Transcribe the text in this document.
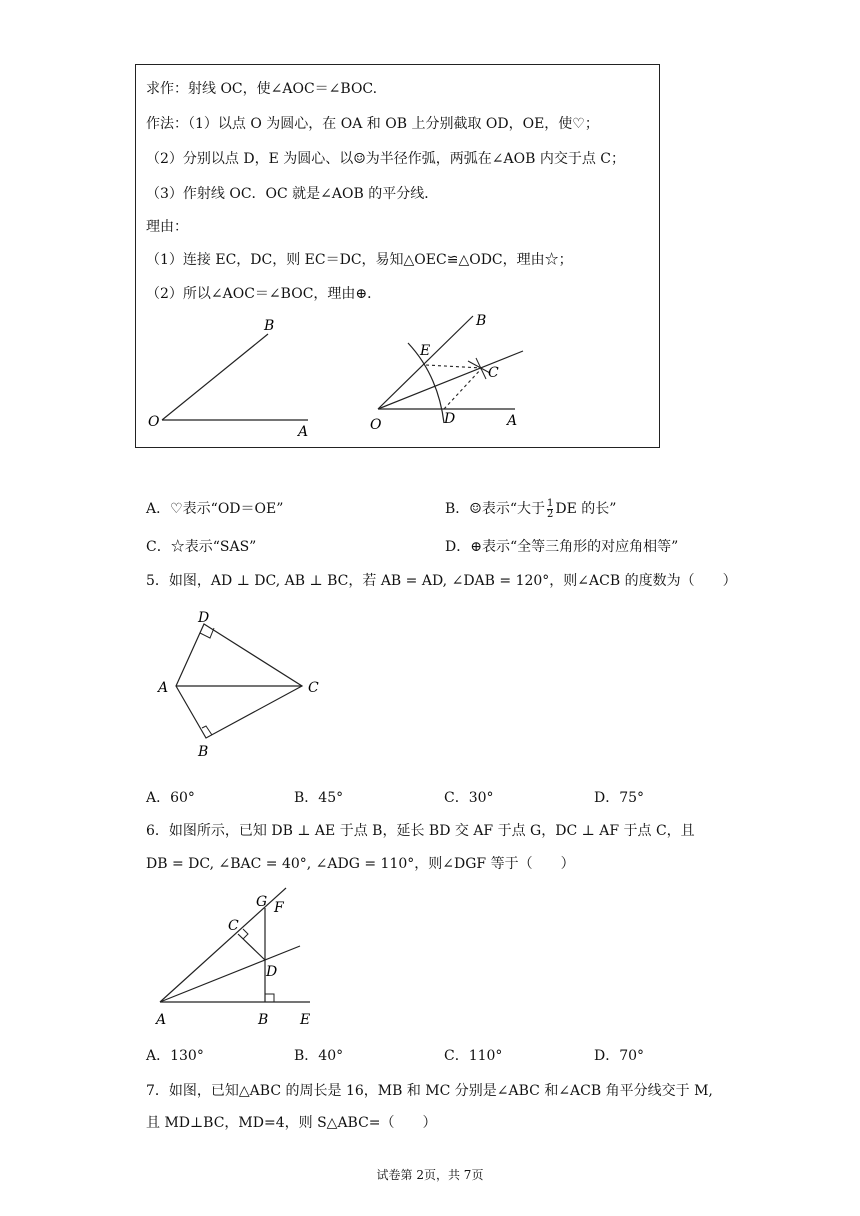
求作：射线 OC，使∠AOC＝∠BOC.
作法：（1）以点 O 为圆心，在 OA 和 OB 上分别截取 OD，OE，使♡；
（2）分别以点 D，E 为圆心、以☺为半径作弧，两弧在∠AOB 内交于点 C；
（3）作射线 OC．OC 就是∠AOB 的平分线．
理由：
（1）连接 EC，DC，则 EC＝DC，易知△OEC≌△ODC，理由☆；
（2）所以∠AOC＝∠BOC，理由⊕．
O
A
B
O	A
B
C
D
E
A．♡表示“OD＝OE”	B．☺表示“大于 $\frac{1}{2}$ DE 的长”
C．☆表示“SAS”	D．⊕表示“全等三角形的对应角相等”
5．如图，AD ⊥ DC, AB ⊥ BC，若 AB = AD, ∠DAB = 120°，则∠ACB 的度数为（　　）
D
A	C
B
A．60°	B．45°	C．30°	D．75°
6．如图所示，已知 DB ⊥ AE 于点 B，延长 BD 交 AF 于点 G，DC ⊥ AF 于点 C，且
DB = DC, ∠BAC = 40°, ∠ADG = 110°，则∠DGF 等于（　　）
A	B E
C
D
G F
A．130°	B．40°	C．110°	D．70°
7．如图，已知△ABC 的周长是 16，MB 和 MC 分别是∠ABC 和∠ACB 角平分线交于 M,
且 MD⊥BC，MD=4，则 S△ABC=（　　）
试卷第 2页，共 7页
